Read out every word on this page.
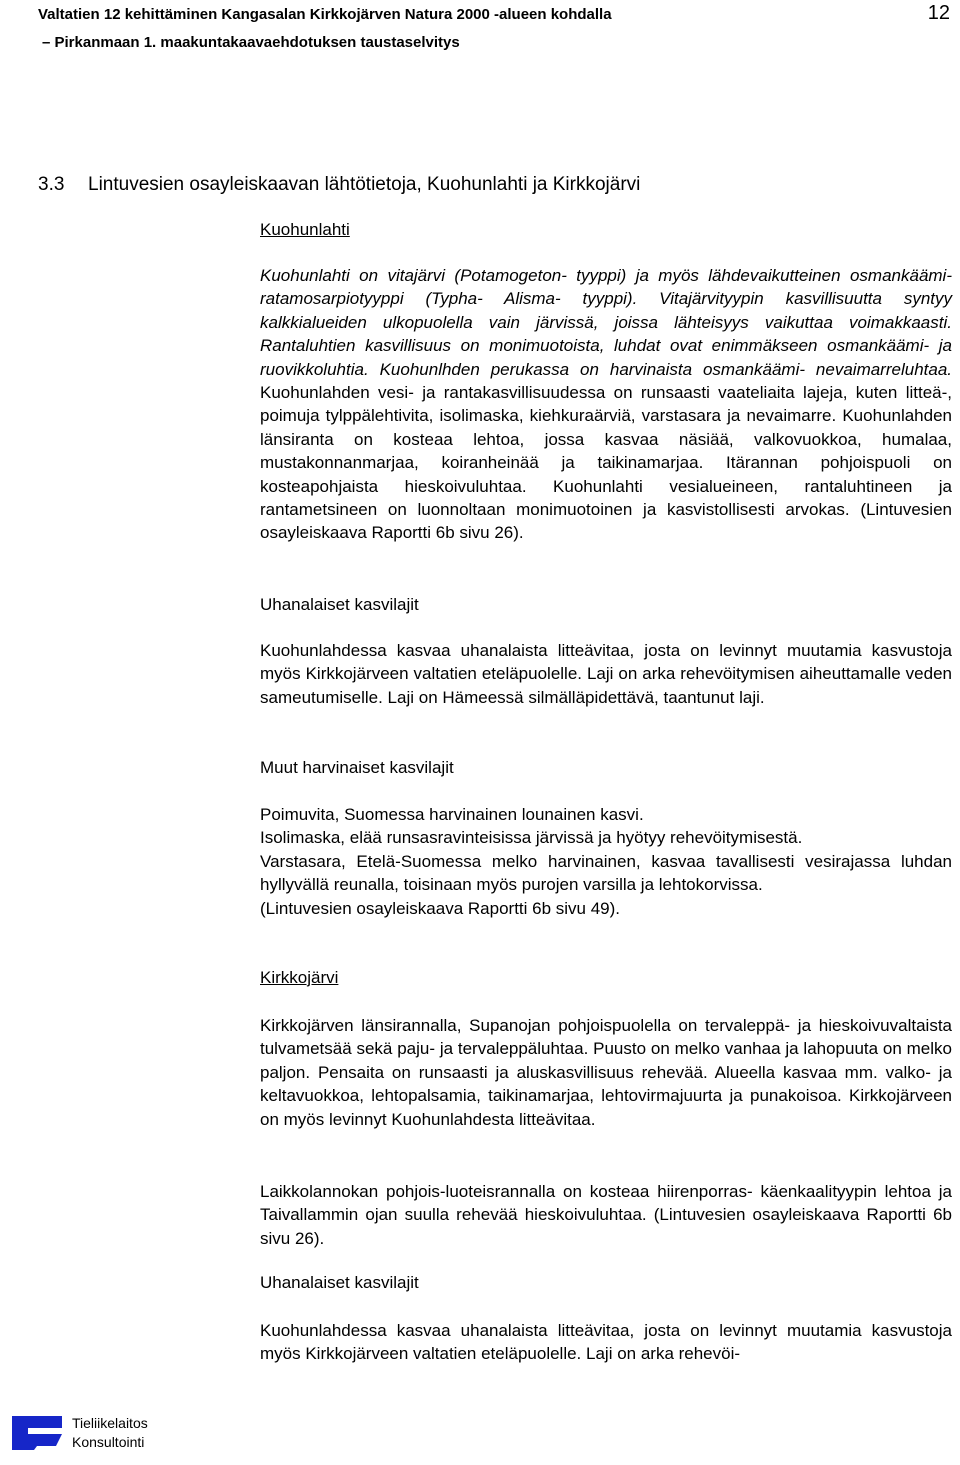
Valtatien 12 kehittäminen Kangasalan Kirkkojärven Natura 2000 -alueen kohdalla
– Pirkanmaan 1. maakuntakaavaehdotuksen taustaselvitys
12
3.3 Lintuvesien osayleiskaavan lähtötietoja, Kuohunlahti ja Kirkkojärvi
Kuohunlahti

Kuohunlahti on vitajärvi (Potamogeton- tyyppi) ja myös lähdevaikutteinen osmankäämi- ratamosarpiotyyppi (Typha- Alisma- tyyppi). Vitajärvityypin kasvillisuutta syntyy kalkkialueiden ulkopuolella vain järvissä, joissa lähteisyys vaikuttaa voimakkaasti. Rantaluhtien kasvillisuus on monimuotoista, luhdat ovat enimmäkseen osmankäämi- ja ruovikkoluhtia. Kuohunlhden perukassa on harvinaista osmankäämi- nevaimarreluhtaa. Kuohunlahden vesi- ja rantakasvillisuudessa on runsaasti vaateliaita lajeja, kuten litteä-, poimuja tylppälehtivita, isolimaska, kiehkuraärviä, varstasara ja nevaimarre. Kuohunlahden länsiranta on kosteaa lehtoa, jossa kasvaa näsiää, valkovuokkoa, humalaa, mustakonnanmarjaa, koiranheinää ja taikinamarjaa. Itärannan pohjoispuoli on kosteapohjaista hieskoivuluhtaa. Kuohunlahti vesialueineen, rantaluhtineen ja rantametsineen on luonnoltaan monimuotoinen ja kasvistollisesti arvokas. (Lintuvesien osayleiskaava Raportti 6b sivu 26).

Uhanalaiset kasvilajit

Kuohunlahdessa kasvaa uhanalaista litteävitaa, josta on levinnyt muutamia kasvustoja myös Kirkkojärveen valtatien eteläpuolelle. Laji on arka rehevöitymisen aiheuttamalle veden sameutumiselle. Laji on Hämeessä silmälläpidettävä, taantunut laji.

Muut harvinaiset kasvilajit

Poimuvita, Suomessa harvinainen lounainen kasvi.

Isolimaska, elää runsasravinteisissa järvissä ja hyötyy rehevöitymisestä.

Varstasara, Etelä-Suomessa melko harvinainen, kasvaa tavallisesti vesirajassa luhdan hyllyvällä reunalla, toisinaan myös purojen varsilla ja lehtokorvissa.

(Lintuvesien osayleiskaava Raportti 6b sivu 49).

Kirkkojärvi

Kirkkojärven länsirannalla, Supanojan pohjoispuolella on tervaleppä- ja hieskoivuvaltaista tulvametsää sekä paju- ja tervaleppäluhtaa. Puusto on melko vanhaa ja lahopuuta on melko paljon. Pensaita on runsaasti ja aluskasvillisuus rehevää. Alueella kasvaa mm. valko- ja keltavuokkoa, lehtopalsamia, taikinamarjaa, lehtovirmajuurta ja punakoisoa. Kirkkojärveen on myös levinnyt Kuohunlahdesta litteävitaa.

Laikkolannokan pohjois-luoteisrannalla on kosteaa hiirenporras- käenkaalityypin lehtoa ja Taivallammin ojan suulla rehevää hieskoivuluhtaa. (Lintuvesien osayleiskaava Raportti 6b sivu 26).

Uhanalaiset kasvilajit

Kuohunlahdessa kasvaa uhanalaista litteävitaa, josta on levinnyt muutamia kasvustoja myös Kirkkojärveen valtatien eteläpuolelle. Laji on arka rehevöi-

Tieliikelaitos
Konsultointi
